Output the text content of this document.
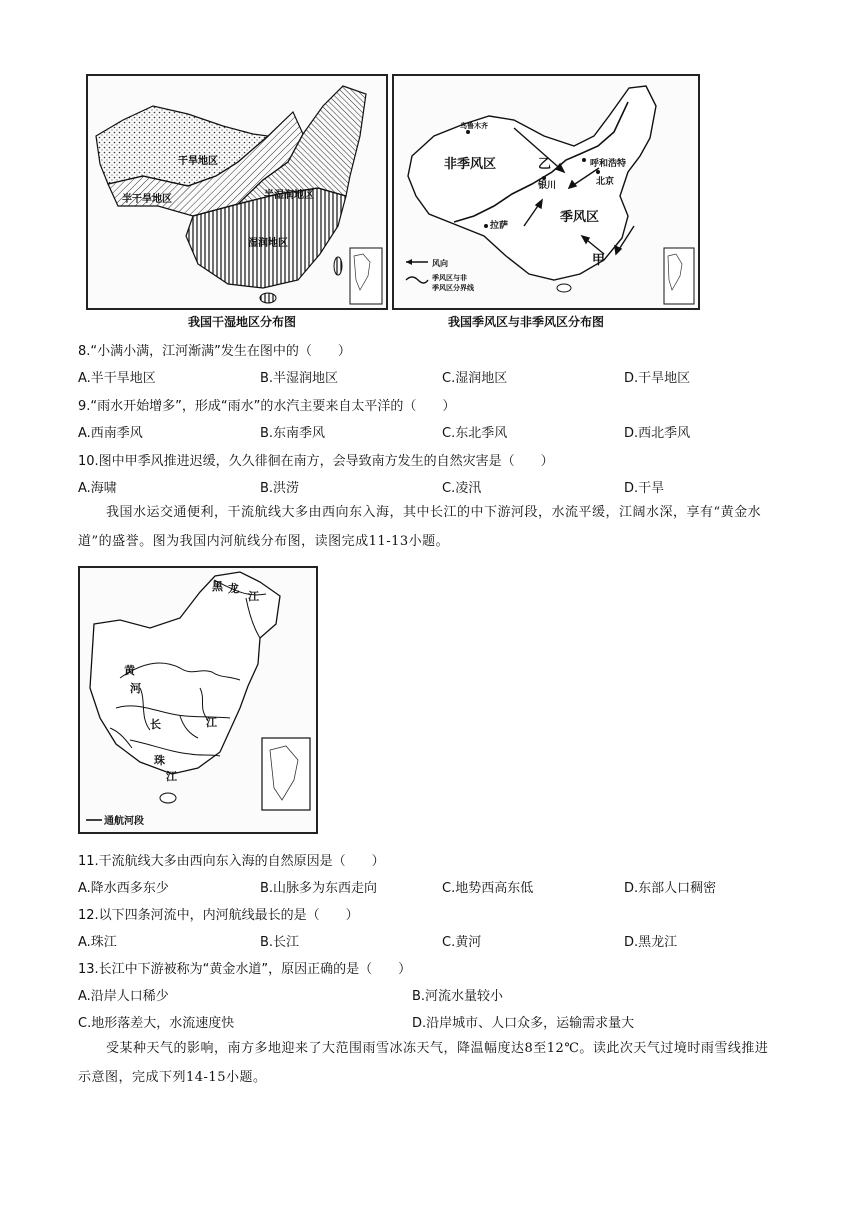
干旱地区
半干旱地区	半湿润地区
湿润地区
我国干湿地区分布图
乌鲁木齐
呼和浩特
银川	北京
拉萨
非季风区
季风区
乙
甲
风向
季风区与非
季风区分界线
我国季风区与非季风区分布图
8.“小满小满，江河渐满”发生在图中的（　　）
A.半干旱地区	B.半湿润地区	C.湿润地区	D.干旱地区
9.“雨水开始增多”，形成“雨水”的水汽主要来自太平洋的（　　）
A.西南季风	B.东南季风	C.东北季风	D.西北季风
10.图中甲季风推进迟缓，久久徘徊在南方，会导致南方发生的自然灾害是（　　）
A.海啸	B.洪涝	C.凌汛	D.干旱
我国水运交通便利，干流航线大多由西向东入海，其中长江的中下游河段，水流平缓，江阔水深，享有“黄金水道”的盛誉。图为我国内河航线分布图，读图完成11-13小题。
黑 龙
江
黄
河
长	江
珠
江
通航河段
11.干流航线大多由西向东入海的自然原因是（　　）
A.降水西多东少	B.山脉多为东西走向	C.地势西高东低	D.东部人口稠密
12.以下四条河流中，内河航线最长的是（　　）
A.珠江	B.长江	C.黄河	D.黑龙江
13.长江中下游被称为“黄金水道”，原因正确的是（　　）
A.沿岸人口稀少	B.河流水量较小
C.地形落差大，水流速度快	D.沿岸城市、人口众多，运输需求量大
受某种天气的影响，南方多地迎来了大范围雨雪冰冻天气，降温幅度达8至12℃。读此次天气过境时雨雪线推进示意图，完成下列14-15小题。
